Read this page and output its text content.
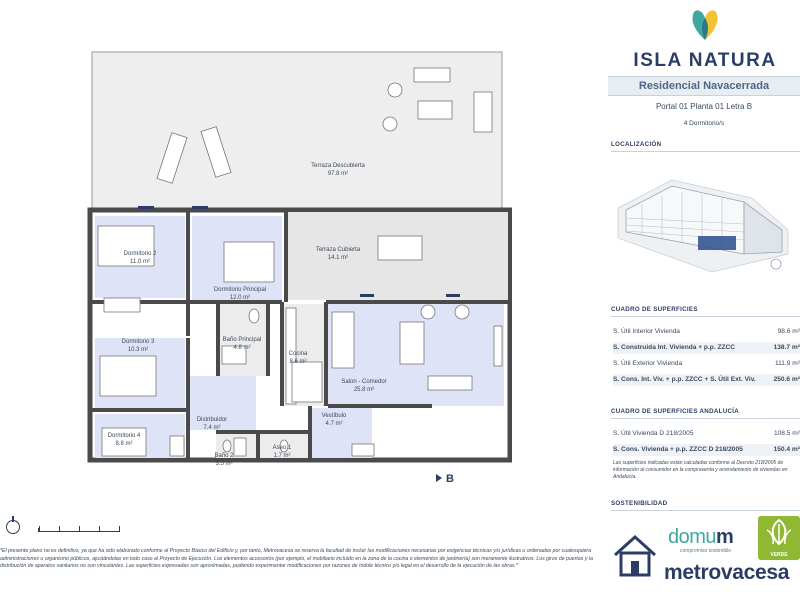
Terraza Descubierta
97.8 m²
Terraza Cubierta
14.1 m²
Dormitorio 2
11.0 m²
Dormitorio Principal
12.0 m²
Baño Principal
4.8 m²
Dormitorio 3
10.3 m²
Cocina
8.6 m²
Salon - Comedor
25.8 m²
Distribuidor
7.4 m²
Vestíbulo
4.7 m²
Dormitorio 4
8.8 m²
Aseo 1
1.7 m²
Baño 2
3.5 m²
B
*El presente plano no es definitivo, ya que ha sido elaborado conforme al Proyecto Básico del Edificio y, por tanto, Metrovacesa se reserva la facultad de incluir las modificaciones necesarias por exigencias técnicas y/o jurídicas u ordenadas por cualesquiera administraciones u organismo públicos, ajustándolas en todo caso al Proyecto de Ejecución. Los elementos accesorios (por ejemplo, el mobiliario incluido en la zona de la cocina o elementos de jardinería) son meramente ilustrativos. Los giros de puertas y la distribución de aparatos sanitarios no son vinculantes. Las superficies expresadas son aproximadas, pudiendo experimentar modificaciones por razones de índole técnico y/o legal en el desarrollo de la ejecución de las obras.*
ISLA NATURA
Residencial Navacerrada
Portal 01 Planta 01 Letra B
4 Dormitorio/s
LOCALIZACIÓN
CUADRO DE SUPERFICIES
S. Útil Interior Vivienda	98.6 m²
S. Construida Int. Vivienda + p.p. ZZCC	138.7 m²
S. Útil Exterior Vivienda	111.9 m²
S. Cons. Int. Viv. + p.p. ZZCC + S. Útil Ext. Viv.	250.6 m²
CUADRO DE SUPERFICIES ANDALUCÍA
S. Útil Vivienda D 218/2005	108.5 m²
S. Cons. Vivienda + p.p. ZZCC D 218/2005	150.4 m²
Las superficies indicadas están calculadas conforme al Decreto 218/2005 de información al consumidor en la compraventa y arrendamiento de viviendas en Andalucía.
SOSTENIBILIDAD
domum
compromiso sostenible
VERDE
metrovacesa
